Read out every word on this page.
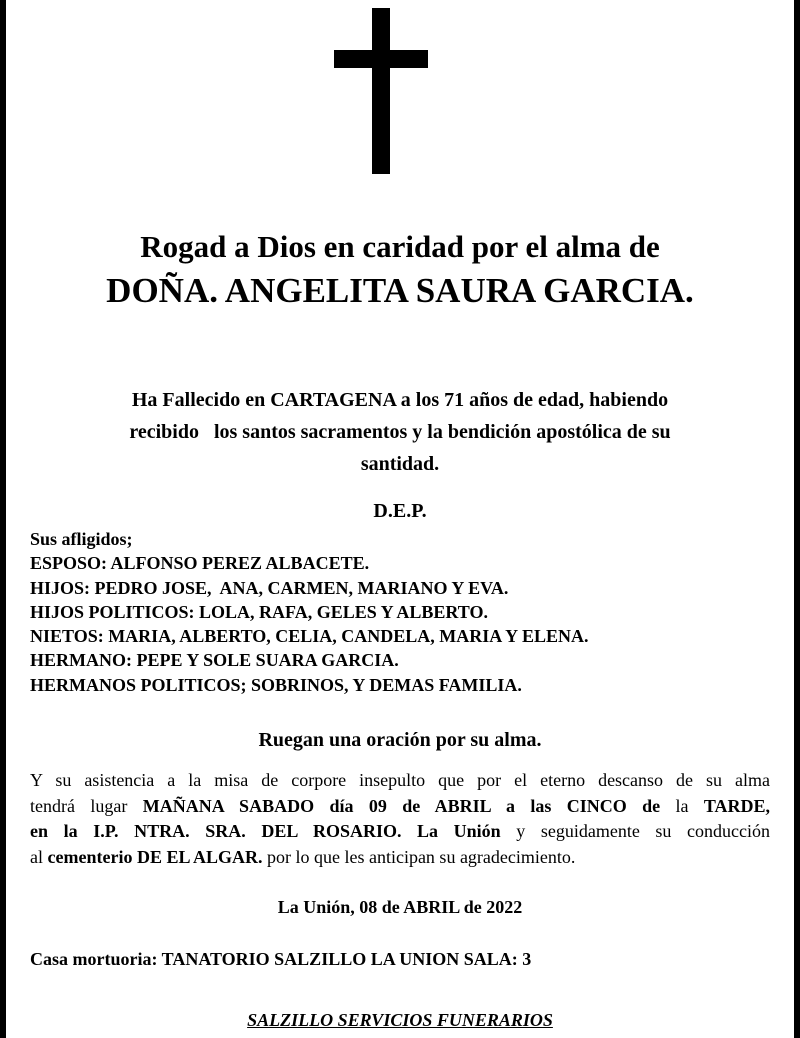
Rogad a Dios en caridad por el alma de
DOÑA. ANGELITA SAURA GARCIA.
Ha Fallecido en CARTAGENA a los 71 años de edad, habiendo
recibido   los santos sacramentos y la bendición apostólica de su
santidad.
D.E.P.
Sus afligidos;
ESPOSO: ALFONSO PEREZ ALBACETE.
HIJOS: PEDRO JOSE,  ANA, CARMEN, MARIANO Y EVA.
HIJOS POLITICOS: LOLA, RAFA, GELES Y ALBERTO.
NIETOS: MARIA, ALBERTO, CELIA, CANDELA, MARIA Y ELENA.
HERMANO: PEPE Y SOLE SUARA GARCIA.
HERMANOS POLITICOS; SOBRINOS, Y DEMAS FAMILIA.
Ruegan una oración por su alma.
Y su asistencia a la misa de corpore insepulto que por el eterno descanso de su alma
tendrá lugar MAÑANA SABADO día 09 de ABRIL a las CINCO de la TARDE,
en la I.P. NTRA. SRA. DEL ROSARIO. La Unión y seguidamente su conducción
al cementerio DE EL ALGAR. por lo que les anticipan su agradecimiento.
La Unión, 08 de ABRIL de 2022
Casa mortuoria: TANATORIO SALZILLO LA UNION SALA: 3
SALZILLO SERVICIOS FUNERARIOS
